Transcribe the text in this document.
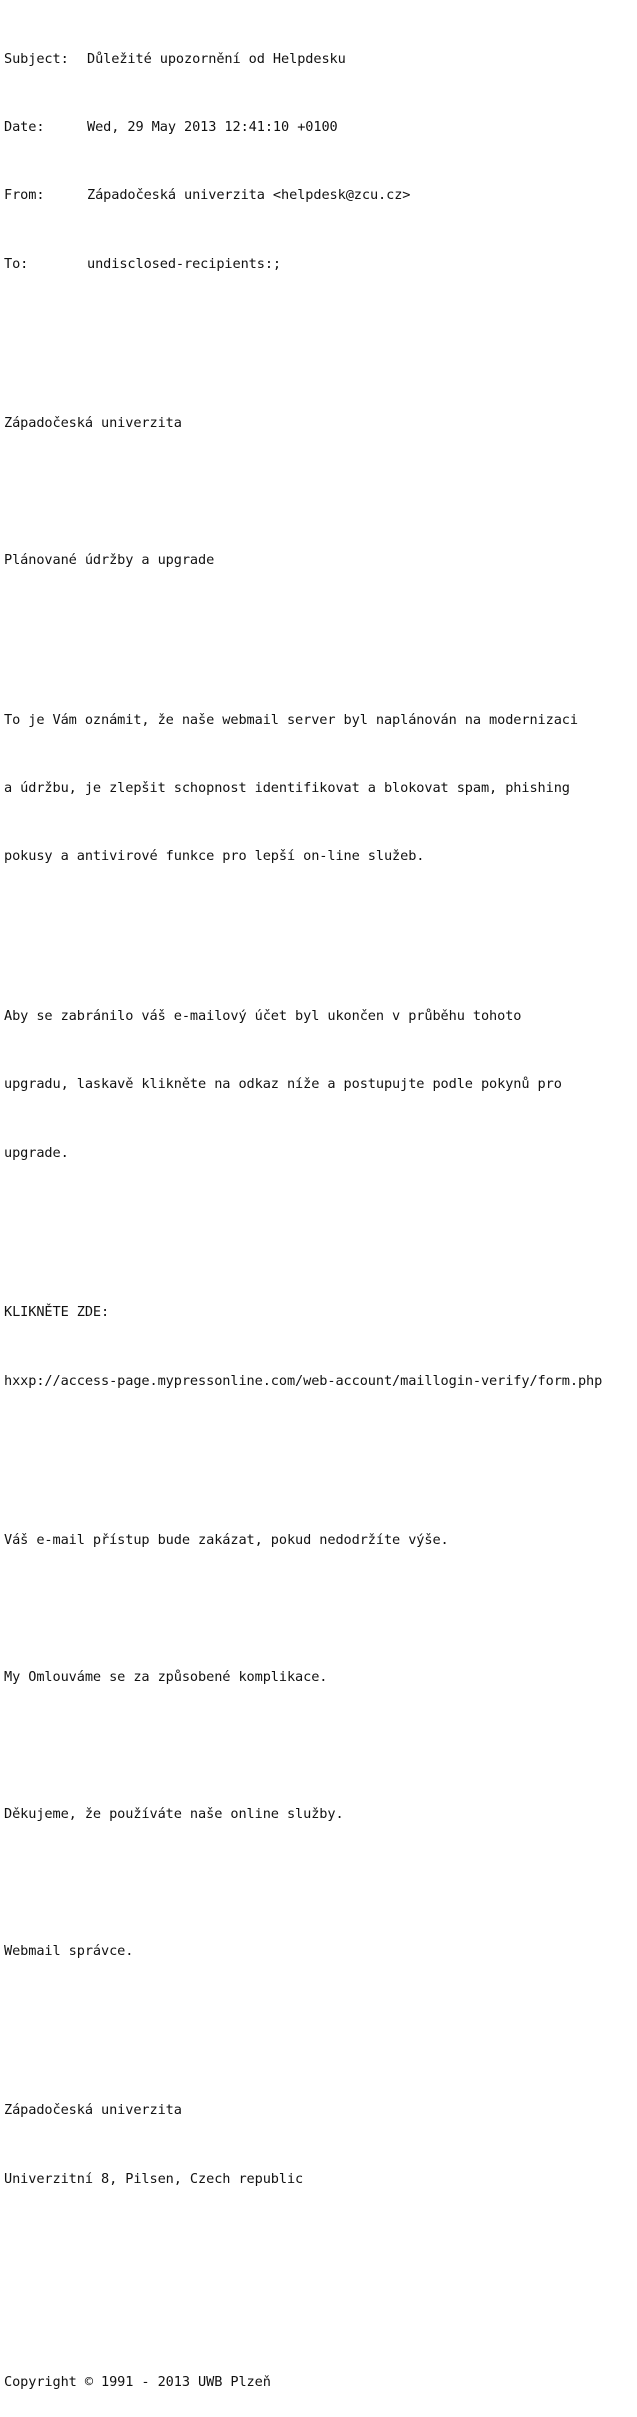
Subject:	Důležité upozornění od Helpdesku

Date:	Wed, 29 May 2013 12:41:10 +0100

From:	Západočeská univerzita <helpdesk@zcu.cz>

To:	undisclosed-recipients:;

Západočeská univerzita

Plánované údržby a upgrade

To je Vám oznámit, že naše webmail server byl naplánován na modernizaci

a údržbu, je zlepšit schopnost identifikovat a blokovat spam, phishing

pokusy a antivirové funkce pro lepší on-line služeb.

Aby se zabránilo váš e-mailový účet byl ukončen v průběhu tohoto

upgradu, laskavě klikněte na odkaz níže a postupujte podle pokynů pro

upgrade.

KLIKNĚTE ZDE:

hxxp://access-page.mypressonline.com/web-account/maillogin-verify/form.php

Váš e-mail přístup bude zakázat, pokud nedodržíte výše.

My Omlouváme se za způsobené komplikace.

Děkujeme, že používáte naše online služby.

Webmail správce.

Západočeská univerzita

Univerzitní 8, Pilsen, Czech republic

Copyright © 1991 - 2013 UWB Plzeň
